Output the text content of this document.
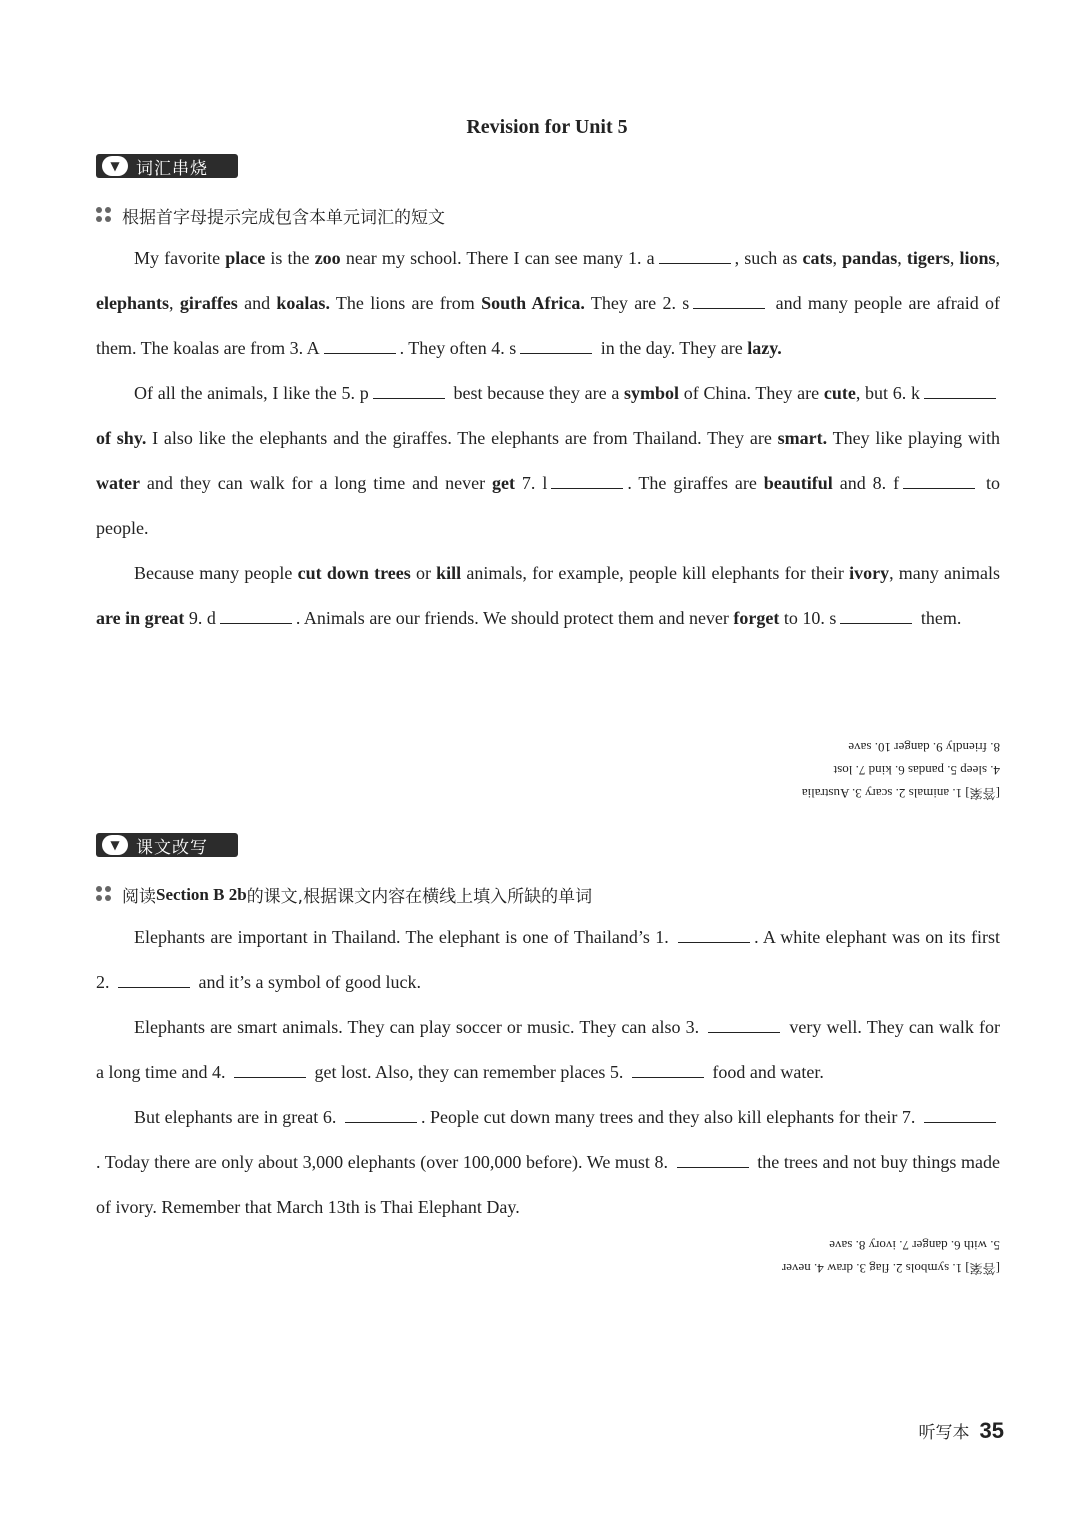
Revision for Unit 5
▼ 词汇串烧
根据首字母提示完成包含本单元词汇的短文

My favorite place is the zoo near my school. There I can see many 1. a	, such as cats, pandas, tigers, lions, elephants, giraffes and koalas. The lions are from South Africa. They are 2. s	and many people are afraid of them. The koalas are from 3. A	. They often 4. s	in the day. They are lazy.

Of all the animals, I like the 5. p	best because they are a symbol of China. They are cute, but 6. k of shy. I also like the elephants and the giraffes. The elephants are from Thailand. They are smart. They like playing with water and they can walk for a long time and never get 7. l	. The giraffes are beautiful and 8. f	to people.

Because many people cut down trees or kill animals, for example, people kill elephants for their ivory, many animals are in great 9. d	. Animals are our friends. We should protect them and never forget to 10. s	them.

[答案] 1. animals 2. scary 3. Australia
4. sleep 5. pandas 6. kind 7. lost
8. friendly 9. danger 10. save
▼ 课文改写
阅读 Section B 2b 的课文,根据课文内容在横线上填入所缺的单词

Elephants are important in Thailand. The elephant is one of Thailand’s 1.	. A white elephant was on its first 2.	and it’s a symbol of good luck.

Elephants are smart animals. They can play soccer or music. They can also 3.	very well. They can walk for a long time and 4.	get lost. Also, they can remember places 5.	food and water.

But elephants are in great 6.	. People cut down many trees and they also kill elephants for their 7. . Today there are only about 3,000 elephants (over 100,000 before). We must 8.	the trees and not buy things made of ivory. Remember that March 13th is Thai Elephant Day.

[答案] 1. symbols 2. flag 3. draw 4. never
5. with 6. danger 7. ivory 8. save
听写本 35
